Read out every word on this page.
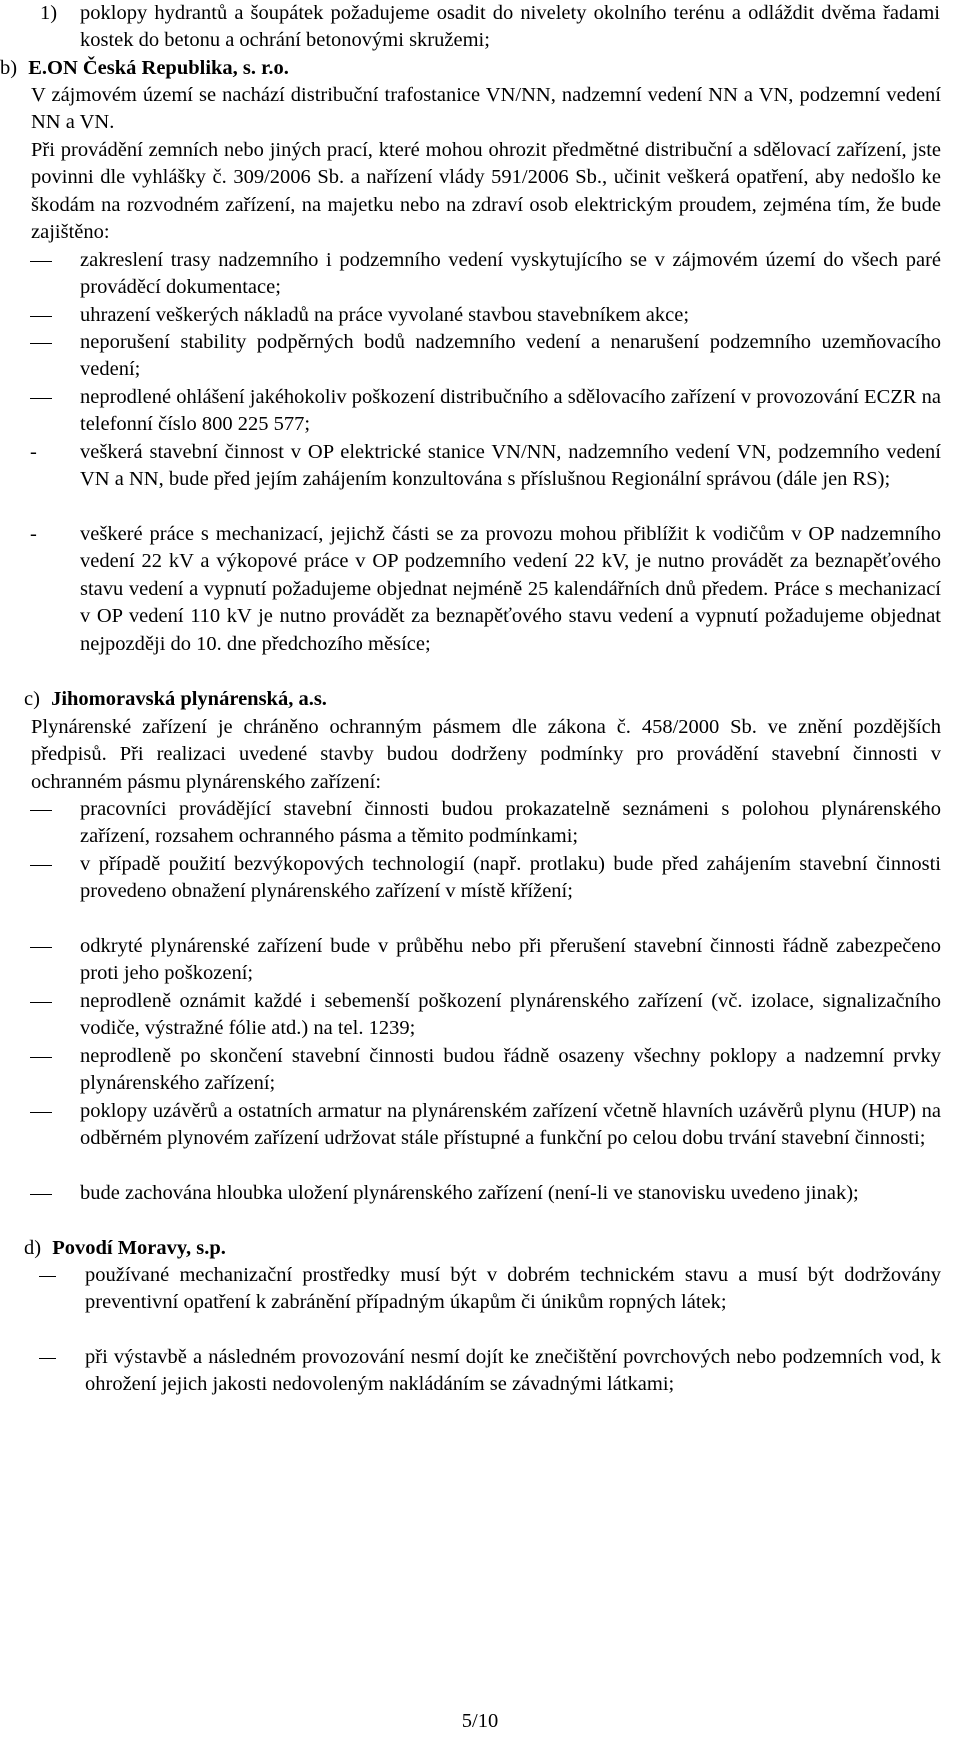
1) poklopy hydrantů a šoupátek požadujeme osadit do nivelety okolního terénu a odláždit dvěma řadami kostek do betonu a ochrání betonovými skružemi;
b) E.ON Česká Republika, s. r.o.
V zájmovém území se nachází distribuční trafostanice VN/NN, nadzemní vedení NN a VN, podzemní vedení NN a VN.
Při provádění zemních nebo jiných prací, které mohou ohrozit předmětné distribuční a sdělovací zařízení, jste povinni dle vyhlášky č. 309/2006 Sb. a nařízení vlády 591/2006 Sb., učinit veškerá opatření, aby nedošlo ke škodám na rozvodném zařízení, na majetku nebo na zdraví osob elektrickým proudem, zejména tím, že bude zajištěno:
zakreslení trasy nadzemního i podzemního vedení vyskytujícího se v zájmovém území do všech paré prováděcí dokumentace;
uhrazení veškerých nákladů na práce vyvolané stavbou stavebníkem akce;
neporušení stability podpěrných bodů nadzemního vedení a nenarušení podzemního uzemňovacího vedení;
neprodlené ohlášení jakéhokoliv poškození distribučního a sdělovacího zařízení v provozování ECZR na telefonní číslo 800 225 577;
- veškerá stavební činnost v OP elektrické stanice VN/NN, nadzemního vedení VN, podzemního vedení VN a NN, bude před jejím zahájením konzultována s příslušnou Regionální správou (dále jen RS);
- veškeré práce s mechanizací, jejichž části se za provozu mohou přiblížit k vodičům v OP nadzemního vedení 22 kV a výkopové práce v OP podzemního vedení 22 kV, je nutno provádět za beznapěťového stavu vedení a vypnutí požadujeme objednat nejméně 25 kalendářních dnů předem. Práce s mechanizací v OP vedení 110 kV je nutno provádět za beznapěťového stavu vedení a vypnutí požadujeme objednat nejpozději do 10. dne předchozího měsíce;
c) Jihomoravská plynárenská, a.s.
Plynárenské zařízení je chráněno ochranným pásmem dle zákona č. 458/2000 Sb. ve znění pozdějších předpisů. Při realizaci uvedené stavby budou dodrženy podmínky pro provádění stavební činnosti v ochranném pásmu plynárenského zařízení:
pracovníci provádějící stavební činnosti budou prokazatelně seznámeni s polohou plynárenského zařízení, rozsahem ochranného pásma a těmito podmínkami;
v případě použití bezvýkopových technologií (např. protlaku) bude před zahájením stavební činnosti provedeno obnažení plynárenského zařízení v místě křížení;
odkryté plynárenské zařízení bude v průběhu nebo při přerušení stavební činnosti řádně zabezpečeno proti jeho poškození;
neprodleně oznámit každé i sebemenší poškození plynárenského zařízení (vč. izolace, signalizačního vodiče, výstražné fólie atd.) na tel. 1239;
neprodleně po skončení stavební činnosti budou řádně osazeny všechny poklopy a nadzemní prvky plynárenského zařízení;
poklopy uzávěrů a ostatních armatur na plynárenském zařízení včetně hlavních uzávěrů plynu (HUP) na odběrném plynovém zařízení udržovat stále přístupné a funkční po celou dobu trvání stavební činnosti;
bude zachována hloubka uložení plynárenského zařízení (není-li ve stanovisku uvedeno jinak);
d) Povodí Moravy, s.p.
používané mechanizační prostředky musí být v dobrém technickém stavu a musí být dodržovány preventivní opatření k zabránění případným úkapům či únikům ropných látek;
při výstavbě a následném provozování nesmí dojít ke znečištění povrchových nebo podzemních vod, k ohrožení jejich jakosti nedovoleným nakládáním se závadnými látkami;
5/10
